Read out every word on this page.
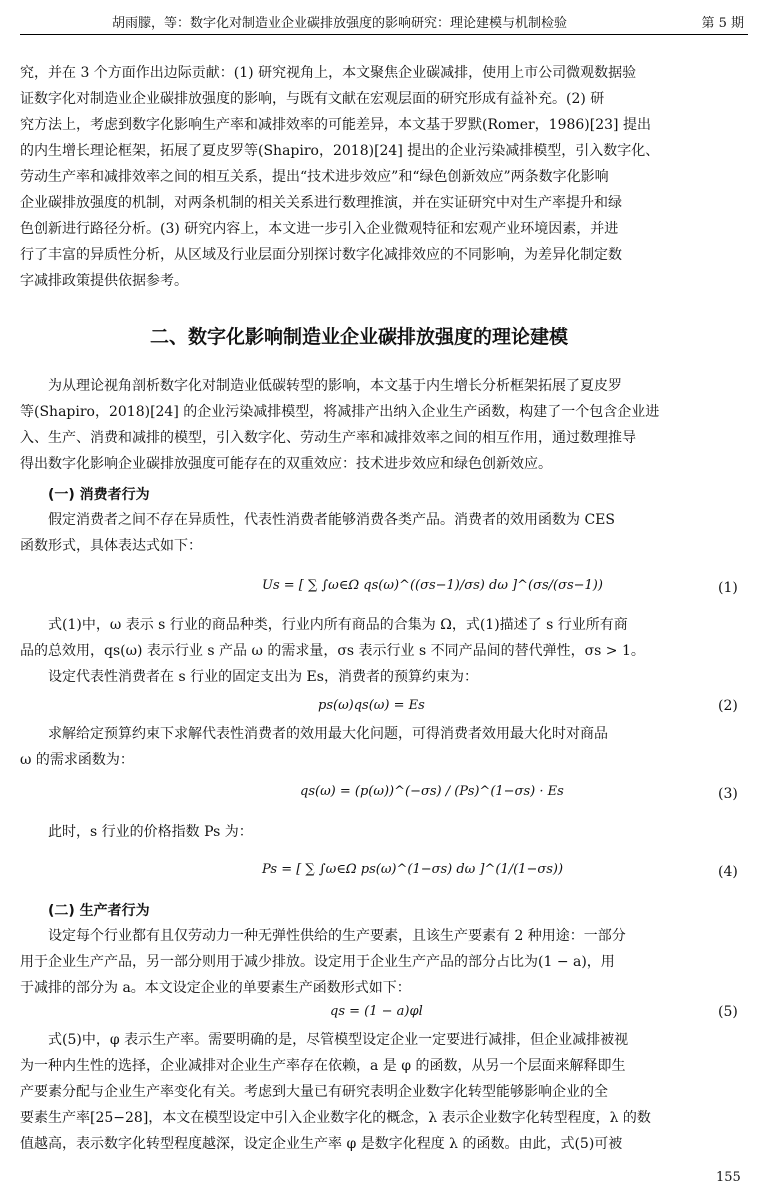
胡雨朦，等：数字化对制造业企业碳排放强度的影响研究：理论建模与机制检验	第 5 期
究，并在 3 个方面作出边际贡献：(1) 研究视角上，本文聚焦企业碳减排，使用上市公司微观数据验
证数字化对制造业企业碳排放强度的影响，与既有文献在宏观层面的研究形成有益补充。(2) 研
究方法上，考虑到数字化影响生产率和减排效率的可能差异，本文基于罗默(Romer，1986)[23] 提出
的内生增长理论框架，拓展了夏皮罗等(Shapiro，2018)[24] 提出的企业污染减排模型，引入数字化、
劳动生产率和减排效率之间的相互关系，提出“技术进步效应”和“绿色创新效应”两条数字化影响
企业碳排放强度的机制，对两条机制的相关关系进行数理推演，并在实证研究中对生产率提升和绿
色创新进行路径分析。(3) 研究内容上，本文进一步引入企业微观特征和宏观产业环境因素，并进
行了丰富的异质性分析，从区域及行业层面分别探讨数字化减排效应的不同影响，为差异化制定数
字减排政策提供依据参考。
二、数字化影响制造业企业碳排放强度的理论建模
为从理论视角剖析数字化对制造业低碳转型的影响，本文基于内生增长分析框架拓展了夏皮罗
等(Shapiro，2018)[24] 的企业污染减排模型，将减排产出纳入企业生产函数，构建了一个包含企业进
入、生产、消费和减排的模型，引入数字化、劳动生产率和减排效率之间的相互作用，通过数理推导
得出数字化影响企业碳排放强度可能存在的双重效应：技术进步效应和绿色创新效应。
(一) 消费者行为
假定消费者之间不存在异质性，代表性消费者能够消费各类产品。消费者的效用函数为 CES
函数形式，具体表达式如下：
Us = [ ∑ ∫ω∈Ω qs(ω)^((σs−1)/σs) dω ]^(σs/(σs−1))	(1)
式(1)中，ω 表示 s 行业的商品种类，行业内所有商品的合集为 Ω，式(1)描述了 s 行业所有商
品的总效用，qs(ω) 表示行业 s 产品 ω 的需求量，σs 表示行业 s 不同产品间的替代弹性，σs > 1。
设定代表性消费者在 s 行业的固定支出为 Es，消费者的预算约束为：
ps(ω)qs(ω) = Es	(2)
求解给定预算约束下求解代表性消费者的效用最大化问题，可得消费者效用最大化时对商品
ω 的需求函数为：
qs(ω) = (p(ω))^(−σs) / (Ps)^(1−σs) · Es	(3)
此时，s 行业的价格指数 Ps 为：
Ps = [ ∑ ∫ω∈Ω ps(ω)^(1−σs) dω ]^(1/(1−σs))	(4)
(二) 生产者行为
设定每个行业都有且仅劳动力一种无弹性供给的生产要素，且该生产要素有 2 种用途：一部分
用于企业生产产品，另一部分则用于减少排放。设定用于企业生产产品的部分占比为(1 − a)，用
于减排的部分为 a。本文设定企业的单要素生产函数形式如下：
qs = (1 − a)φl	(5)
式(5)中，φ 表示生产率。需要明确的是，尽管模型设定企业一定要进行减排，但企业减排被视
为一种内生性的选择，企业减排对企业生产率存在依赖，a 是 φ 的函数，从另一个层面来解释即生
产要素分配与企业生产率变化有关。考虑到大量已有研究表明企业数字化转型能够影响企业的全
要素生产率[25−28]，本文在模型设定中引入企业数字化的概念，λ 表示企业数字化转型程度，λ 的数
值越高，表示数字化转型程度越深，设定企业生产率 φ 是数字化程度 λ 的函数。由此，式(5)可被
155
